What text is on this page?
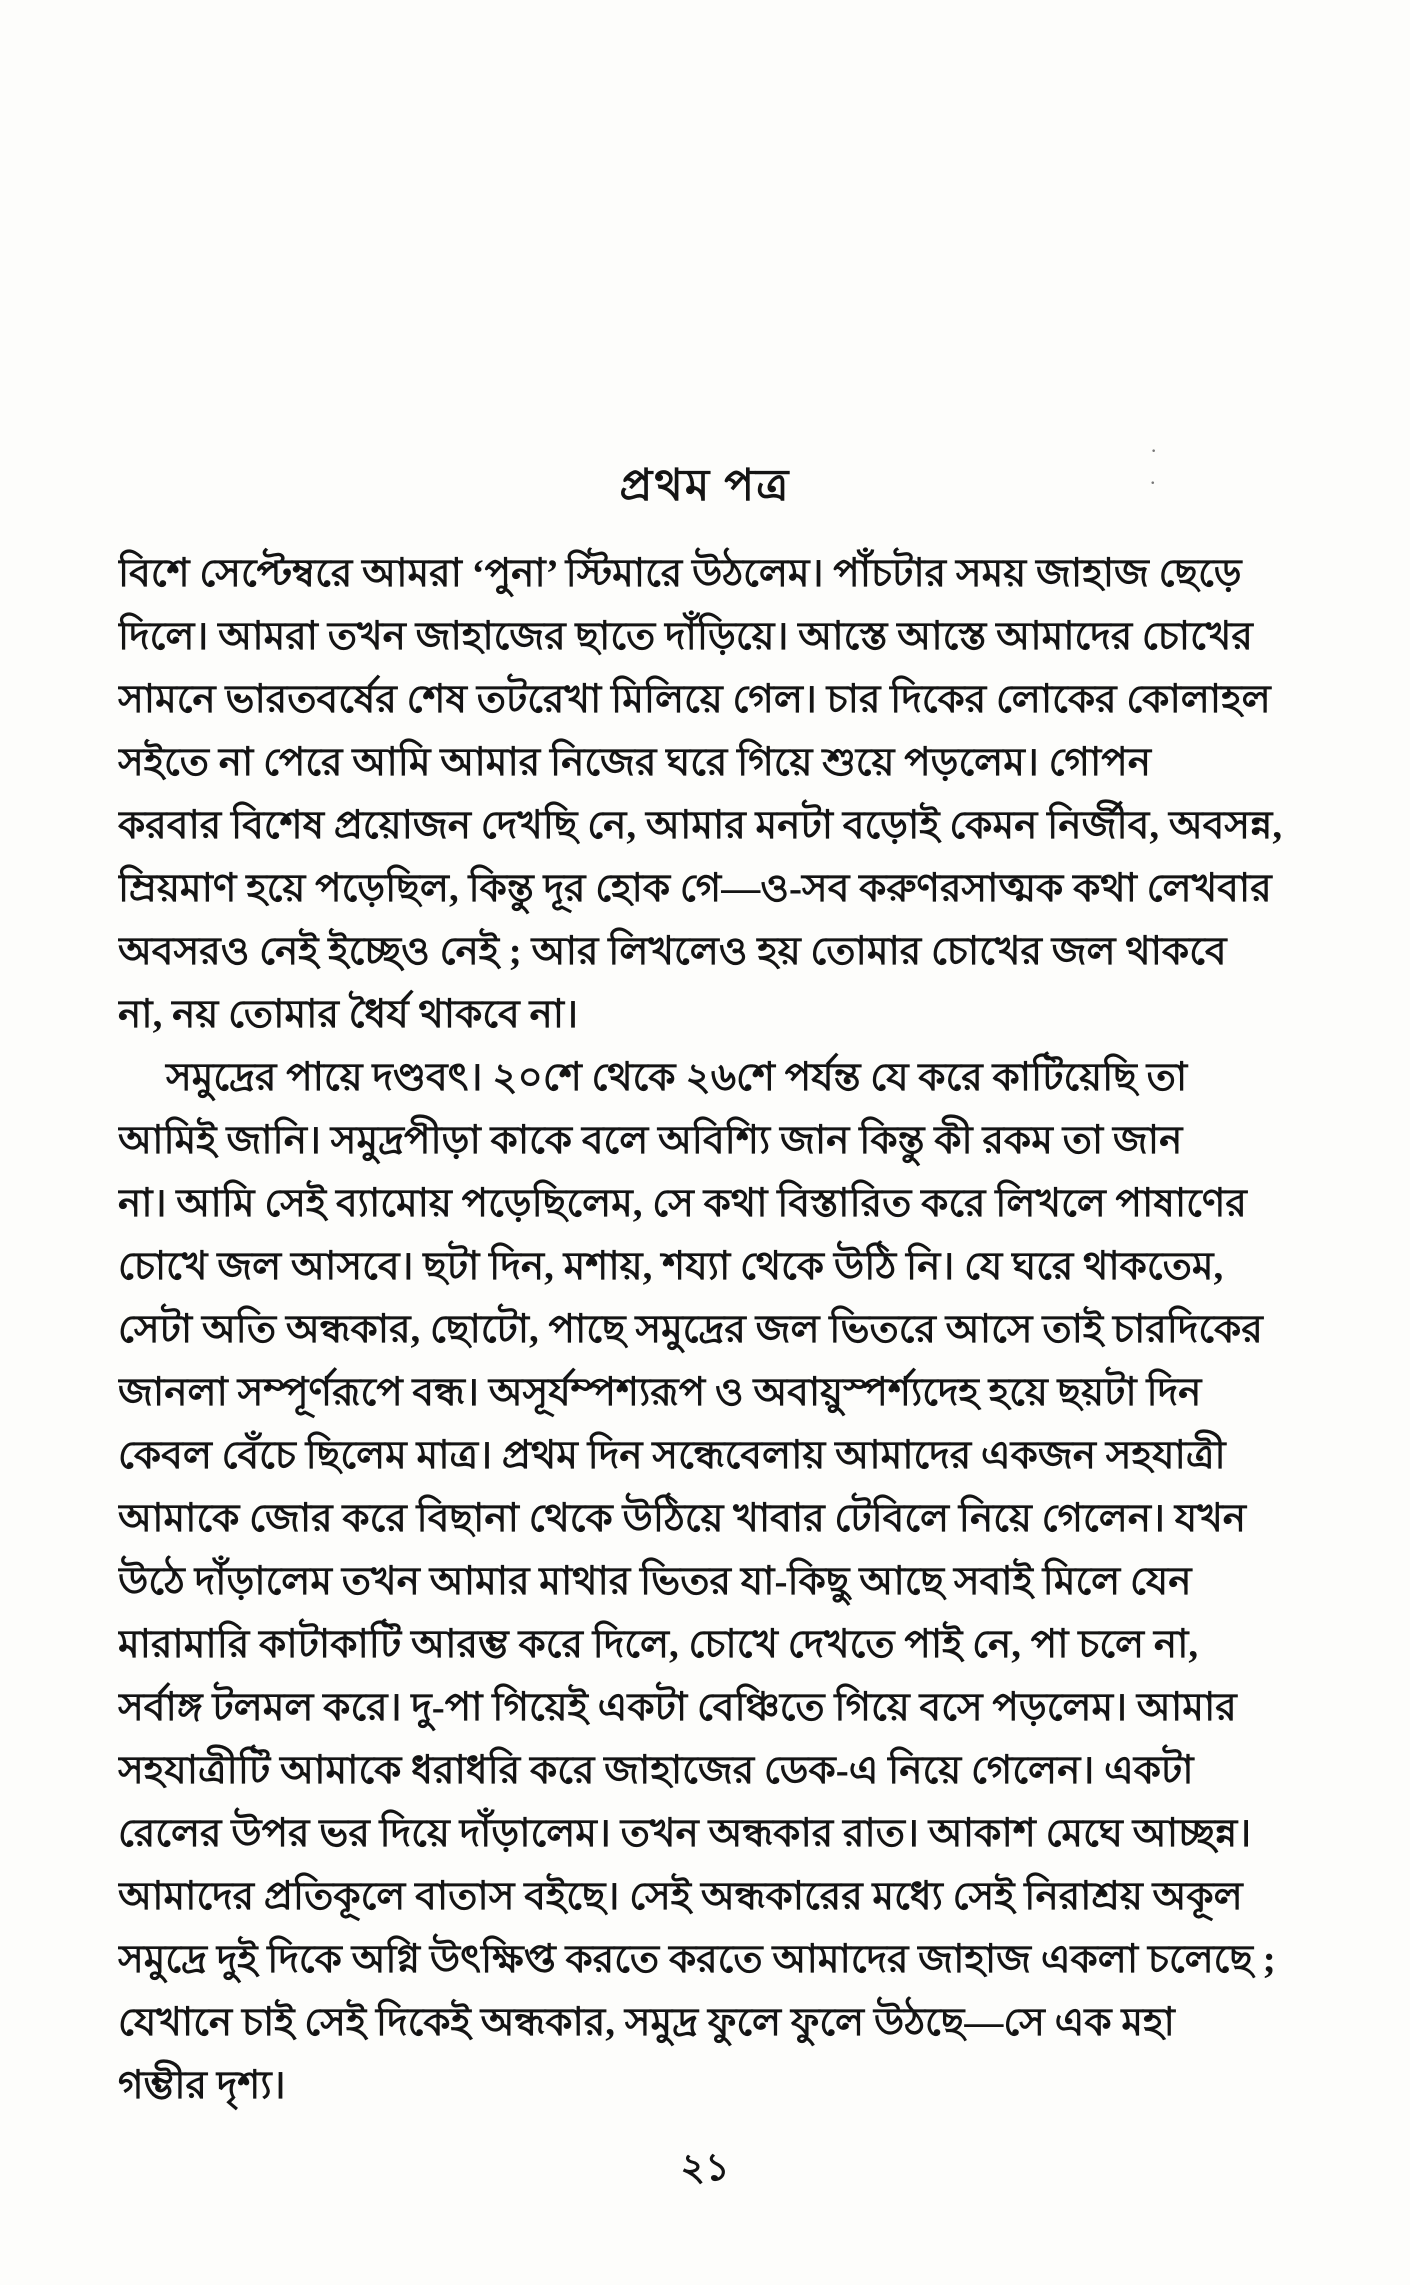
· .
প্রথম পত্র
বিশে সেপ্টেম্বরে আমরা ‘পুনা’ স্টিমারে উঠলেম। পাঁচটার সময় জাহাজ ছেড়ে
দিলে। আমরা তখন জাহাজের ছাতে দাঁড়িয়ে। আস্তে আস্তে আমাদের চোখের
সামনে ভারতবর্ষের শেষ তটরেখা মিলিয়ে গেল। চার দিকের লোকের কোলাহল
সইতে না পেরে আমি আমার নিজের ঘরে গিয়ে শুয়ে পড়লেম। গোপন
করবার বিশেষ প্রয়োজন দেখছি নে, আমার মনটা বড়োই কেমন নির্জীব, অবসন্ন,
ম্রিয়মাণ হয়ে পড়েছিল, কিন্তু দূর হোক গে—ও-সব করুণরসাত্মক কথা লেখবার
অবসরও নেই ইচ্ছেও নেই ; আর লিখলেও হয় তোমার চোখের জল থাকবে
না, নয় তোমার ধৈর্য থাকবে না।
সমুদ্রের পায়ে দণ্ডবৎ। ২০শে থেকে ২৬শে পর্যন্ত যে করে কাটিয়েছি তা
আমিই জানি। সমুদ্রপীড়া কাকে বলে অবিশ্যি জান কিন্তু কী রকম তা জান
না। আমি সেই ব্যামোয় পড়েছিলেম, সে কথা বিস্তারিত করে লিখলে পাষাণের
চোখে জল আসবে। ছটা দিন, মশায়, শয্যা থেকে উঠি নি। যে ঘরে থাকতেম,
সেটা অতি অন্ধকার, ছোটো, পাছে সমুদ্রের জল ভিতরে আসে তাই চারদিকের
জানলা সম্পূর্ণরূপে বন্ধ। অসূর্যম্পশ্যরূপ ও অবায়ুস্পর্শ্যদেহ হয়ে ছয়টা দিন
কেবল বেঁচে ছিলেম মাত্র। প্রথম দিন সন্ধেবেলায় আমাদের একজন সহযাত্রী
আমাকে জোর করে বিছানা থেকে উঠিয়ে খাবার টেবিলে নিয়ে গেলেন। যখন
উঠে দাঁড়ালেম তখন আমার মাথার ভিতর যা-কিছু আছে সবাই মিলে যেন
মারামারি কাটাকাটি আরম্ভ করে দিলে, চোখে দেখতে পাই নে, পা চলে না,
সর্বাঙ্গ টলমল করে। দু-পা গিয়েই একটা বেঞ্চিতে গিয়ে বসে পড়লেম। আমার
সহযাত্রীটি আমাকে ধরাধরি করে জাহাজের ডেক-এ নিয়ে গেলেন। একটা
রেলের উপর ভর দিয়ে দাঁড়ালেম। তখন অন্ধকার রাত। আকাশ মেঘে আচ্ছন্ন।
আমাদের প্রতিকূলে বাতাস বইছে। সেই অন্ধকারের মধ্যে সেই নিরাশ্রয় অকূল
সমুদ্রে দুই দিকে অগ্নি উৎক্ষিপ্ত করতে করতে আমাদের জাহাজ একলা চলেছে ;
যেখানে চাই সেই দিকেই অন্ধকার, সমুদ্র ফুলে ফুলে উঠছে—সে এক মহা
গম্ভীর দৃশ্য।
২১
